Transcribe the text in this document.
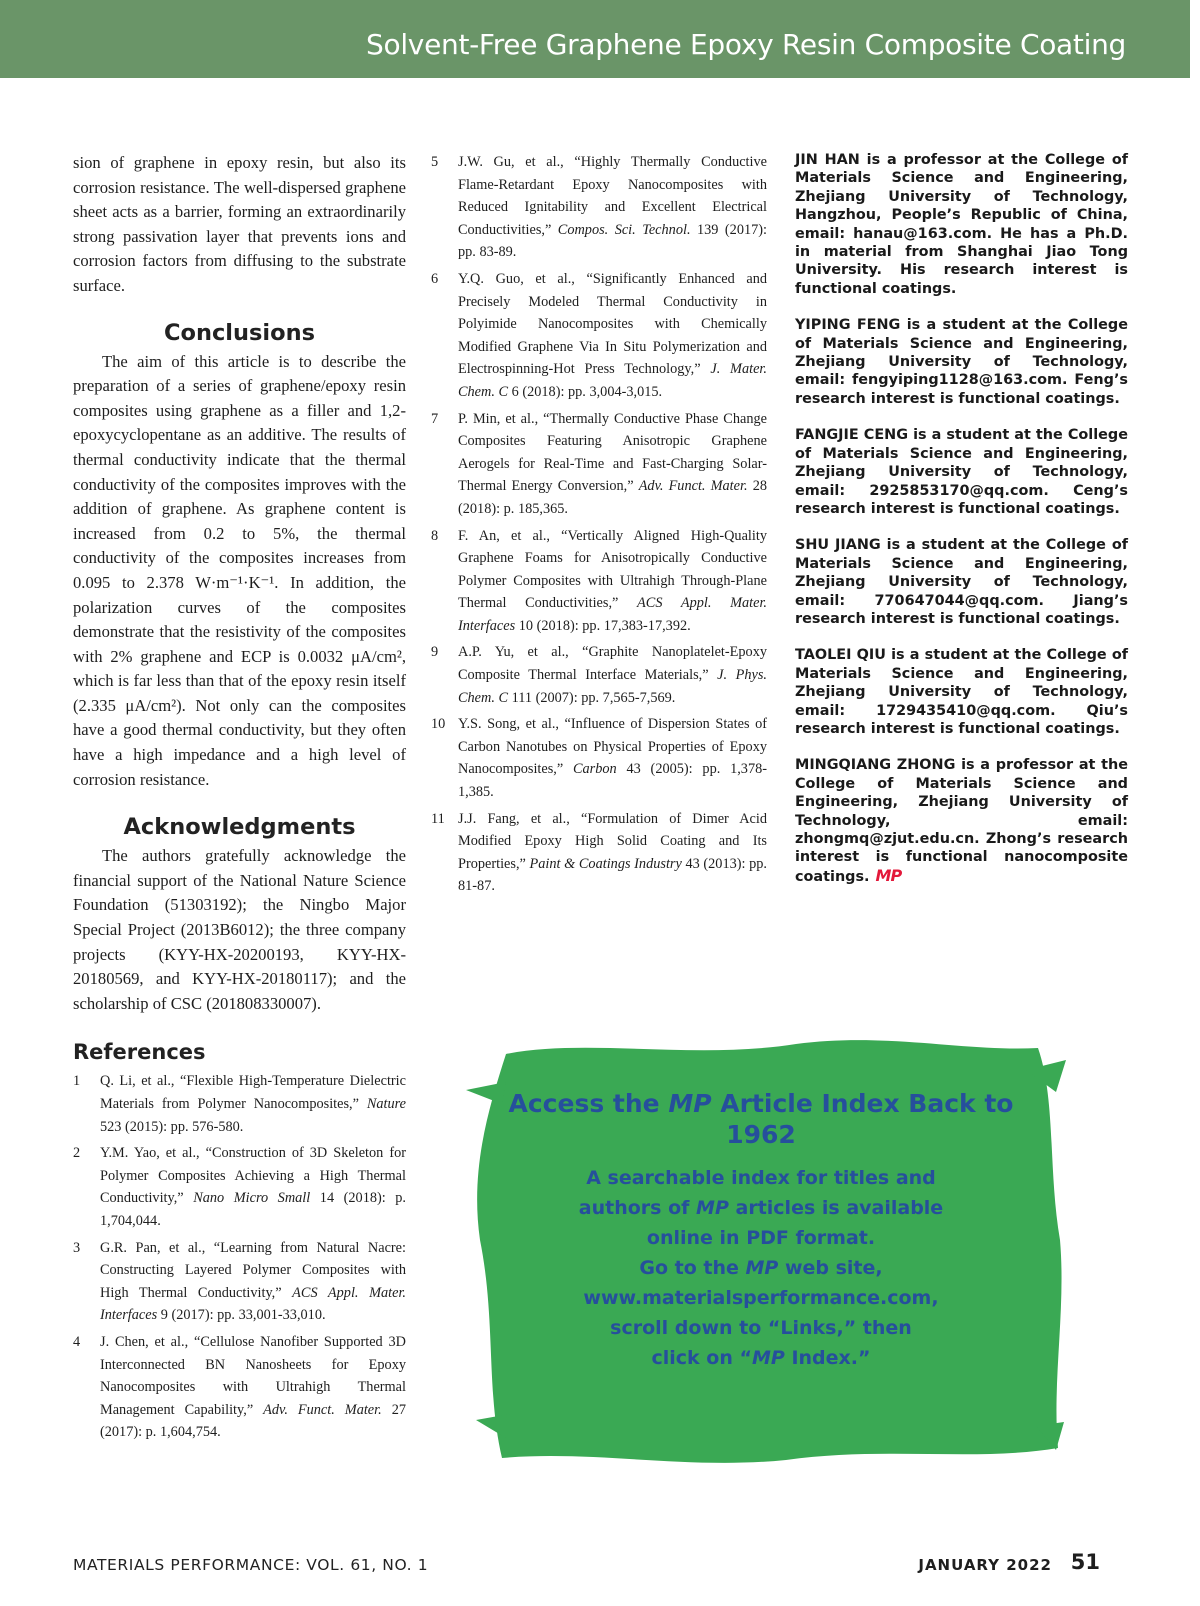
Solvent-Free Graphene Epoxy Resin Composite Coating

sion of graphene in epoxy resin, but also its corrosion resistance. The well-dispersed graphene sheet acts as a barrier, forming an extraordinarily strong passivation layer that prevents ions and corrosion factors from diffusing to the substrate surface.

Conclusions

The aim of this article is to describe the preparation of a series of graphene/epoxy resin composites using graphene as a filler and 1,2-epoxycyclopentane as an additive. The results of thermal conductivity indicate that the thermal conductivity of the composites improves with the addition of graphene. As graphene content is increased from 0.2 to 5%, the thermal conductivity of the composites increases from 0.095 to 2.378 W·m⁻¹·K⁻¹. In addition, the polarization curves of the composites demonstrate that the resistivity of the composites with 2% graphene and ECP is 0.0032 μA/cm², which is far less than that of the epoxy resin itself (2.335 μA/cm²). Not only can the composites have a good thermal conductivity, but they often have a high impedance and a high level of corrosion resistance.

Acknowledgments

The authors gratefully acknowledge the financial support of the National Nature Science Foundation (51303192); the Ningbo Major Special Project (2013B6012); the three company projects (KYY-HX-20200193, KYY-HX-20180569, and KYY-HX-20180117); and the scholarship of CSC (201808330007).

References
1 Q. Li, et al., “Flexible High-Temperature Dielectric Materials from Polymer Nanocomposites,” Nature 523 (2015): pp. 576-580.
2 Y.M. Yao, et al., “Construction of 3D Skeleton for Polymer Composites Achieving a High Thermal Conductivity,” Nano Micro Small 14 (2018): p. 1,704,044.
3 G.R. Pan, et al., “Learning from Natural Nacre: Constructing Layered Polymer Composites with High Thermal Conductivity,” ACS Appl. Mater. Interfaces 9 (2017): pp. 33,001-33,010.
4 J. Chen, et al., “Cellulose Nanofiber Supported 3D Interconnected BN Nanosheets for Epoxy Nanocomposites with Ultrahigh Thermal Management Capability,” Adv. Funct. Mater. 27 (2017): p. 1,604,754.
5 J.W. Gu, et al., “Highly Thermally Conductive Flame-Retardant Epoxy Nanocomposites with Reduced Ignitability and Excellent Electrical Conductivities,” Compos. Sci. Technol. 139 (2017): pp. 83-89.
6 Y.Q. Guo, et al., “Significantly Enhanced and Precisely Modeled Thermal Conductivity in Polyimide Nanocomposites with Chemically Modified Graphene Via In Situ Polymerization and Electrospinning-Hot Press Technology,” J. Mater. Chem. C 6 (2018): pp. 3,004-3,015.
7 P. Min, et al., “Thermally Conductive Phase Change Composites Featuring Anisotropic Graphene Aerogels for Real-Time and Fast-Charging Solar-Thermal Energy Conversion,” Adv. Funct. Mater. 28 (2018): p. 185,365.
8 F. An, et al., “Vertically Aligned High-Quality Graphene Foams for Anisotropically Conductive Polymer Composites with Ultrahigh Through-Plane Thermal Conductivities,” ACS Appl. Mater. Interfaces 10 (2018): pp. 17,383-17,392.
9 A.P. Yu, et al., “Graphite Nanoplatelet-Epoxy Composite Thermal Interface Materials,” J. Phys. Chem. C 111 (2007): pp. 7,565-7,569.
10 Y.S. Song, et al., “Influence of Dispersion States of Carbon Nanotubes on Physical Properties of Epoxy Nanocomposites,” Carbon 43 (2005): pp. 1,378-1,385.
11 J.J. Fang, et al., “Formulation of Dimer Acid Modified Epoxy High Solid Coating and Its Properties,” Paint & Coatings Industry 43 (2013): pp. 81-87.

JIN HAN is a professor at the College of Materials Science and Engineering, Zhejiang University of Technology, Hangzhou, People’s Republic of China, email: hanau@163.com. He has a Ph.D. in material from Shanghai Jiao Tong University. His research interest is functional coatings.

YIPING FENG is a student at the College of Materials Science and Engineering, Zhejiang University of Technology, email: fengyiping1128@163.com. Feng’s research interest is functional coatings.

FANGJIE CENG is a student at the College of Materials Science and Engineering, Zhejiang University of Technology, email: 2925853170@qq.com. Ceng’s research interest is functional coatings.

SHU JIANG is a student at the College of Materials Science and Engineering, Zhejiang University of Technology, email: 770647044@qq.com. Jiang’s research interest is functional coatings.

TAOLEI QIU is a student at the College of Materials Science and Engineering, Zhejiang University of Technology, email: 1729435410@qq.com. Qiu’s research interest is functional coatings.

MINGQIANG ZHONG is a professor at the College of Materials Science and Engineering, Zhejiang University of Technology, email: zhongmq@zjut.edu.cn. Zhong’s research interest is functional nanocomposite coatings. MP

Access the MP Article Index Back to 1962

A searchable index for titles and
authors of MP articles is available
online in PDF format.
Go to the MP web site,
www.materialsperformance.com,
scroll down to “Links,” then
click on “MP Index.”

MATERIALS PERFORMANCE: VOL. 61, NO. 1	JANUARY 2022 51
